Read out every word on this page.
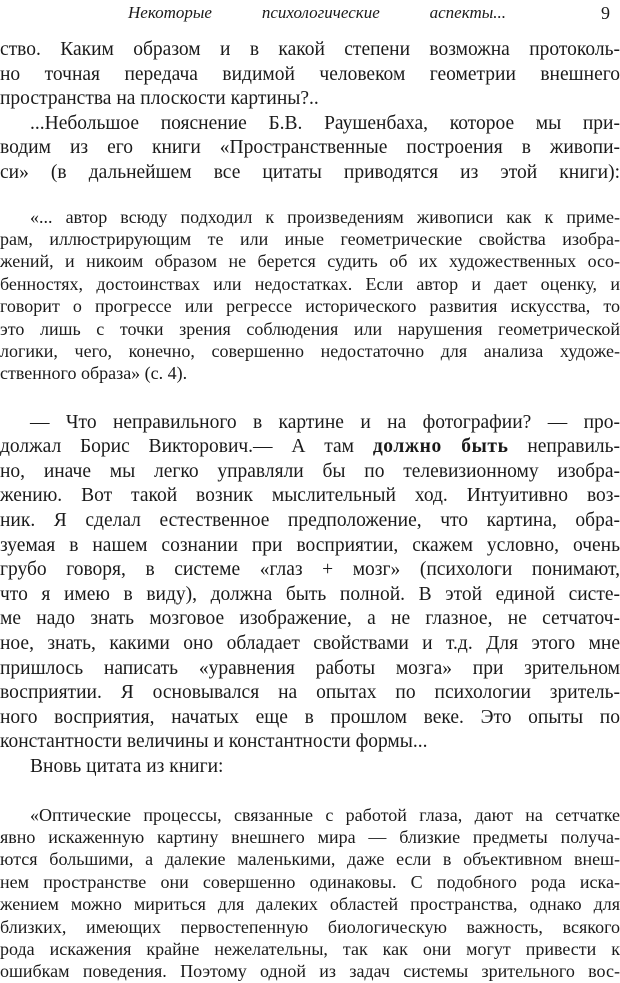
Некоторые	психологические	аспекты...	9
ство. Каким образом и в какой степени возможна протоколь-
но точная передача видимой человеком геометрии внешнего
пространства на плоскости картины?..
...Небольшое пояснение Б.В. Раушенбаха, которое мы при-
водим из его книги «Пространственные построения в живопи-
си» (в дальнейшем все цитаты приводятся из этой книги):
«... автор всюду подходил к произведениям живописи как к приме-
рам, иллюстрирующим те или иные геометрические свойства изобра-
жений, и никоим образом не берется судить об их художественных осо-
бенностях, достоинствах или недостатках. Если автор и дает оценку, и
говорит о прогрессе или регрессе исторического развития искусства, то
это лишь с точки зрения соблюдения или нарушения геометрической
логики, чего, конечно, совершенно недостаточно для анализа художе-
ственного образа» (с. 4).
— Что неправильного в картине и на фотографии? — про-
должал Борис Викторович.— А там должно быть неправиль-
но, иначе мы легко управляли бы по телевизионному изобра-
жению. Вот такой возник мыслительный ход. Интуитивно воз-
ник. Я сделал естественное предположение, что картина, обра-
зуемая в нашем сознании при восприятии, скажем условно, очень
грубо говоря, в системе «глаз + мозг» (психологи понимают,
что я имею в виду), должна быть полной. В этой единой систе-
ме надо знать мозговое изображение, а не глазное, не сетчаточ-
ное, знать, какими оно обладает свойствами и т.д. Для этого мне
пришлось написать «уравнения работы мозга» при зрительном
восприятии. Я основывался на опытах по психологии зритель-
ного восприятия, начатых еще в прошлом веке. Это опыты по
константности величины и константности формы...
Вновь цитата из книги:
«Оптические процессы, связанные с работой глаза, дают на сетчатке
явно искаженную картину внешнего мира — близкие предметы получа-
ются большими, а далекие маленькими, даже если в объективном внеш-
нем пространстве они совершенно одинаковы. С подобного рода иска-
жением можно мириться для далеких областей пространства, однако для
близких, имеющих первостепенную биологическую важность, всякого
рода искажения крайне нежелательны, так как они могут привести к
ошибкам поведения. Поэтому одной из задач системы зрительного вос-
